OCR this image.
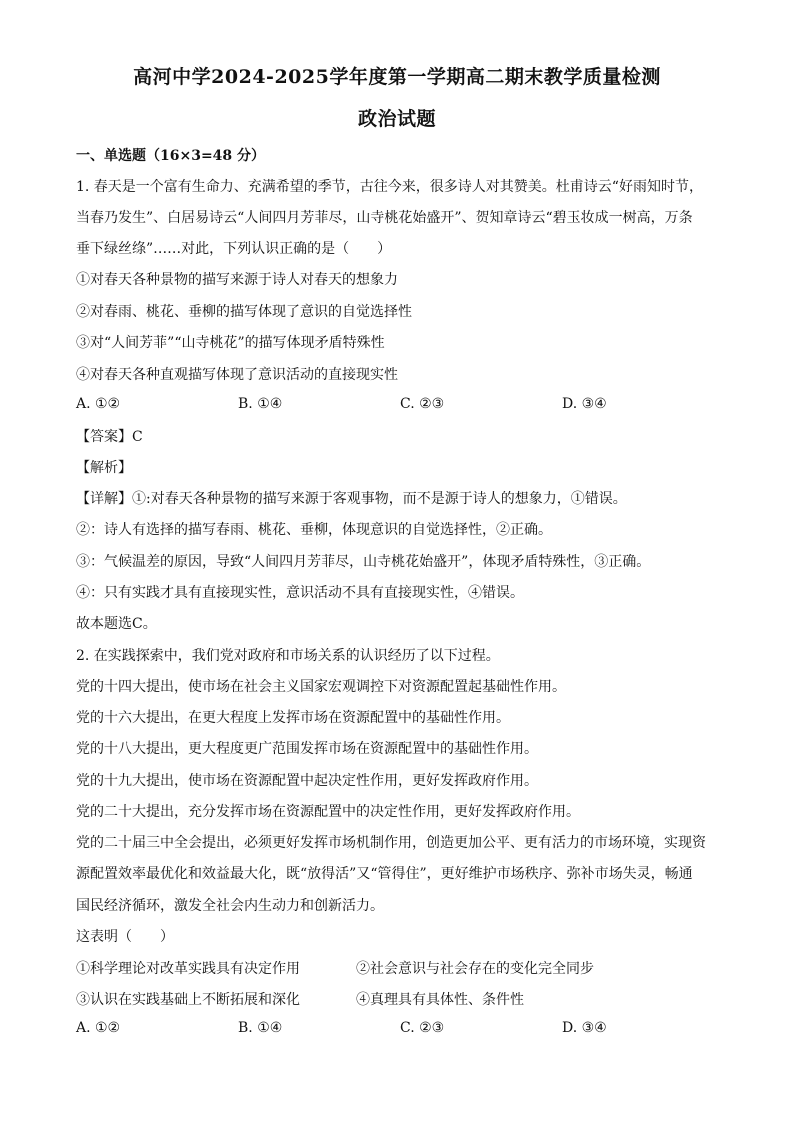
高河中学2024-2025学年度第一学期高二期末教学质量检测
政治试题
一、单选题（16×3=48 分）
1. 春天是一个富有生命力、充满希望的季节，古往今来，很多诗人对其赞美。杜甫诗云“好雨知时节，
当春乃发生”、白居易诗云“人间四月芳菲尽，山寺桃花始盛开”、贺知章诗云“碧玉妆成一树高，万条
垂下绿丝绦”……对此，下列认识正确的是（　　）
①对春天各种景物的描写来源于诗人对春天的想象力
②对春雨、桃花、垂柳的描写体现了意识的自觉选择性
③对“人间芳菲”“山寺桃花”的描写体现矛盾特殊性
④对春天各种直观描写体现了意识活动的直接现实性
A. ①②	B. ①④	C. ②③	D. ③④
【答案】C
【解析】
【详解】①:对春天各种景物的描写来源于客观事物，而不是源于诗人的想象力，①错误。
②：诗人有选择的描写春雨、桃花、垂柳，体现意识的自觉选择性，②正确。
③：气候温差的原因，导致“人间四月芳菲尽，山寺桃花始盛开”，体现矛盾特殊性，③正确。
④：只有实践才具有直接现实性，意识活动不具有直接现实性，④错误。
故本题选C。
2. 在实践探索中，我们党对政府和市场关系的认识经历了以下过程。
党的十四大提出，使市场在社会主义国家宏观调控下对资源配置起基础性作用。
党的十六大提出，在更大程度上发挥市场在资源配置中的基础性作用。
党的十八大提出，更大程度更广范围发挥市场在资源配置中的基础性作用。
党的十九大提出，使市场在资源配置中起决定性作用，更好发挥政府作用。
党的二十大提出，充分发挥市场在资源配置中的决定性作用，更好发挥政府作用。
党的二十届三中全会提出，必须更好发挥市场机制作用，创造更加公平、更有活力的市场环境，实现资
源配置效率最优化和效益最大化，既“放得活”又“管得住”，更好维护市场秩序、弥补市场失灵，畅通
国民经济循环，激发全社会内生动力和创新活力。
这表明（　　）
①科学理论对改革实践具有决定作用	②社会意识与社会存在的变化完全同步
③认识在实践基础上不断拓展和深化	④真理具有具体性、条件性
A. ①②	B. ①④	C. ②③	D. ③④
